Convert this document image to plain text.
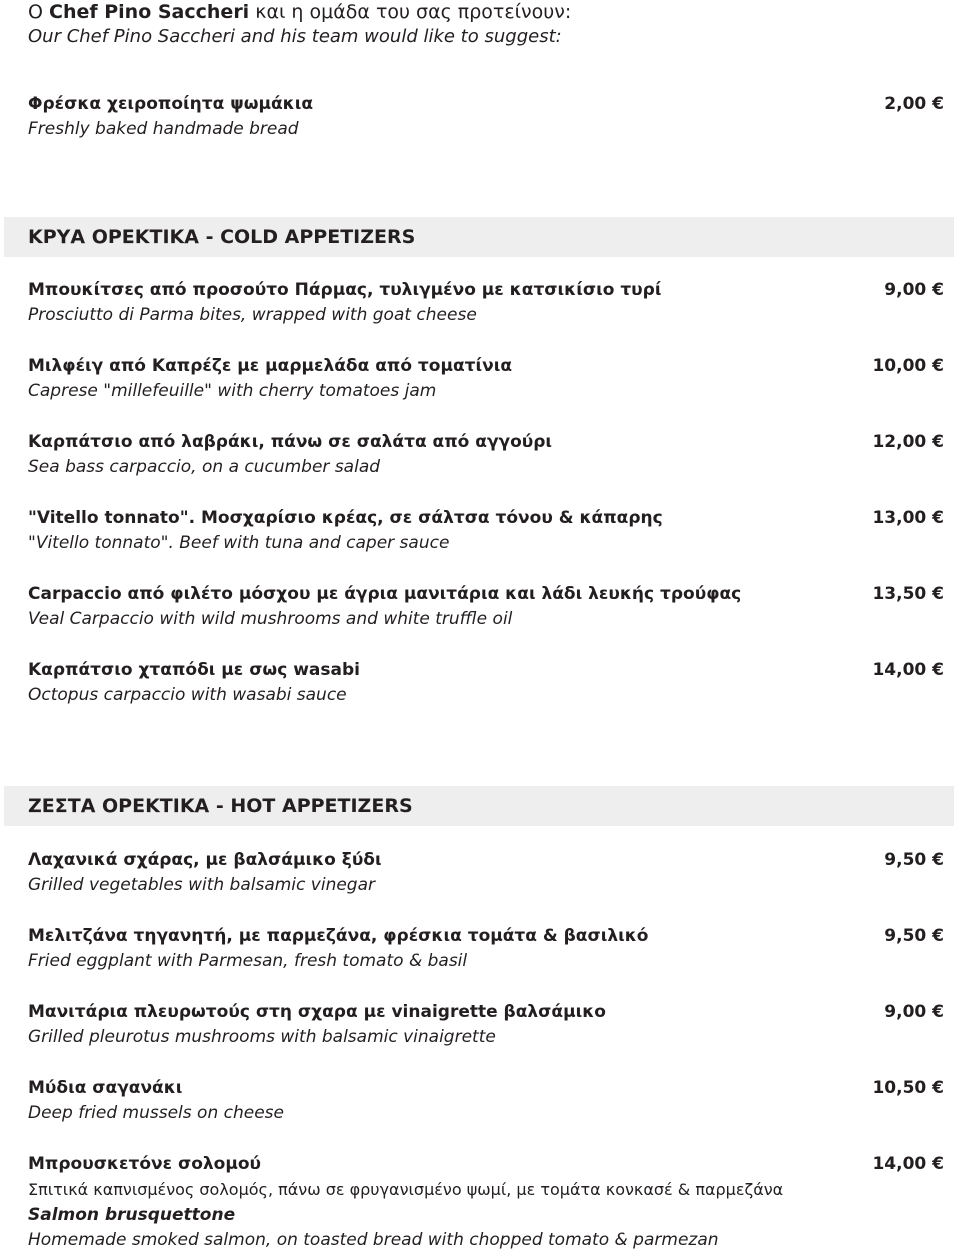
Ο Chef Pino Saccheri και η ομάδα του σας προτείνουν:
Our Chef Pino Saccheri and his team would like to suggest:
Φρέσκα χειροποίητα ψωμάκια
Freshly baked handmade bread
2,00 €
ΚΡΥΑ ΟΡΕΚΤΙΚΑ - COLD APPETIZERS
Μπουκίτσες από προσούτο Πάρμας, τυλιγμένο με κατσικίσιο τυρί
Prosciutto di Parma bites, wrapped with goat cheese
9,00 €
Μιλφέιγ από Καπρέζε με μαρμελάδα από τοματίνια
Caprese "millefeuille" with cherry tomatoes jam
10,00 €
Καρπάτσιο από λαβράκι, πάνω σε σαλάτα από αγγούρι
Sea bass carpaccio, on a cucumber salad
12,00 €
"Vitello tonnato". Μοσχαρίσιο κρέας, σε σάλτσα τόνου & κάπαρης
"Vitello tonnato". Beef with tuna and caper sauce
13,00 €
Carpaccio από φιλέτο μόσχου με άγρια μανιτάρια και λάδι λευκής τρούφας
Veal Carpaccio with wild mushrooms and white truffle oil
13,50 €
Καρπάτσιο χταπόδι με σως wasabi
Octopus carpaccio with wasabi sauce
14,00 €
ΖΕΣΤΑ ΟΡΕΚΤΙΚΑ - HOT APPETIZERS
Λαχανικά σχάρας, με βαλσάμικο ξύδι
Grilled vegetables with balsamic vinegar
9,50 €
Μελιτζάνα τηγανητή, με παρμεζάνα, φρέσκια τομάτα & βασιλικό
Fried eggplant with Parmesan, fresh tomato & basil
9,50 €
Μανιτάρια πλευρωτούς στη σχαρα με vinaigrette βαλσάμικο
Grilled pleurotus mushrooms with balsamic vinaigrette
9,00 €
Μύδια σαγανάκι
Deep fried mussels on cheese
10,50 €
Μπρουσκετόνε σολομού	14,00 €
Σπιτικά καπνισμένος σολομός, πάνω σε φρυγανισμένο ψωμί, με τομάτα κονκασέ & παρμεζάνα
Salmon brusquettone
Homemade smoked salmon, on toasted bread with chopped tomato & parmezan
